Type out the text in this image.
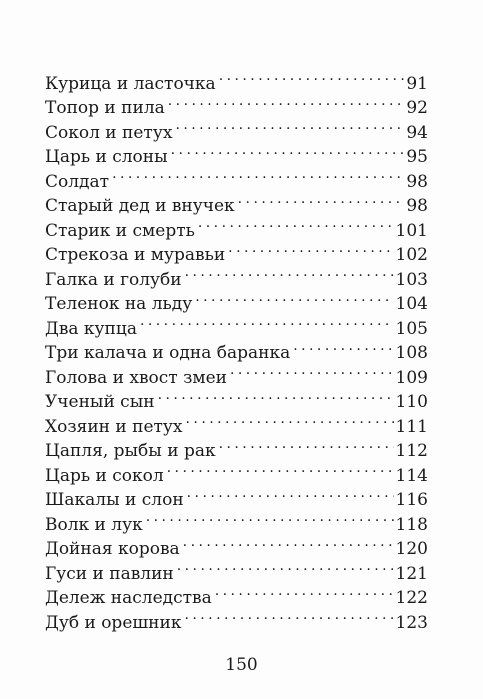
Курица и ласточка . . .	91
Топор и пила . . .	92
Сокол и петух . . .	94
Царь и слоны . . .	95
Солдат . . .	98
Старый дед и внучек . . .	98
Старик и смерть . . .	101
Стрекоза и муравьи . . .	102
Галка и голуби . . .	103
Теленок на льду . . .	104
Два купца . . .	105
Три калача и одна баранка . . .	108
Голова и хвост змеи . . .	109
Ученый сын . . .	110
Хозяин и петух . . .	111
Цапля, рыбы и рак . . .	112
Царь и сокол . . .	114
Шакалы и слон . . .	116
Волк и лук . . .	118
Дойная корова . . .	120
Гуси и павлин . . .	121
Дележ наследства . . .	122
Дуб и орешник . . .	123
150
